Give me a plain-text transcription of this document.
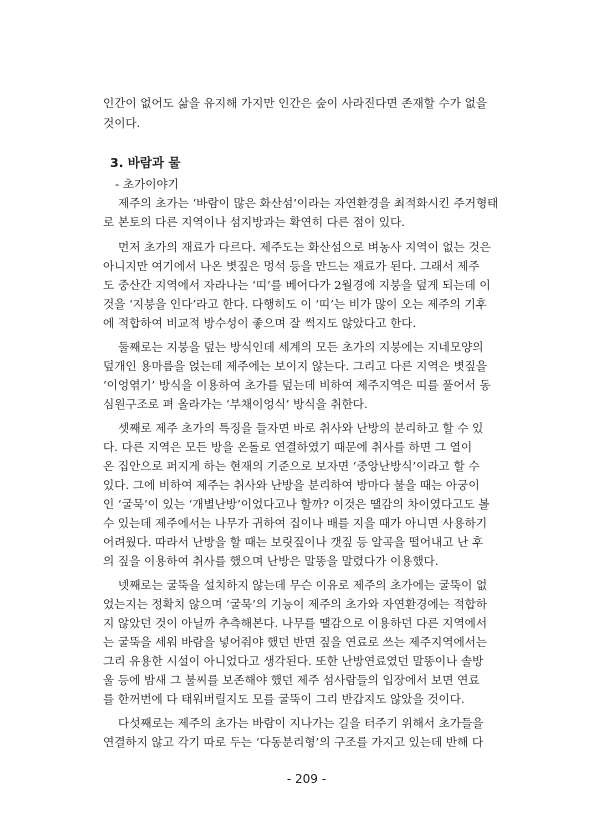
인간이 없어도 삶을 유지해 가지만 인간은 숲이 사라진다면 존재할 수가 없을
것이다.
3. 바람과 물
- 초가이야기
제주의 초가는 ‘바람이 많은 화산섬’이라는 자연환경을 최적화시킨 주거형태
로 본토의 다른 지역이나 섬지방과는 확연히 다른 점이 있다.
먼저 초가의 재료가 다르다. 제주도는 화산섬으로 벼농사 지역이 없는 것은
아니지만 여기에서 나온 볏짚은 멍석 등을 만드는 재료가 된다. 그래서 제주
도 중산간 지역에서 자라나는 ‘띠’를 베어다가 2월경에 지붕을 덮게 되는데 이
것을 ‘지붕을 인다’라고 한다. 다행히도 이 ‘띠’는 비가 많이 오는 제주의 기후
에 적합하여 비교적 방수성이 좋으며 잘 썩지도 않았다고 한다.
둘째로는 지붕을 덮는 방식인데 세계의 모든 초가의 지붕에는 지네모양의
덮개인 용마름을 얹는데 제주에는 보이지 않는다. 그리고 다른 지역은 볏짚을
‘이엉엮기’ 방식을 이용하여 초가를 덮는데 비하여 제주지역은 띠를 풀어서 동
심원구조로 펴 올라가는 ‘부채이엉식’ 방식을 취한다.
셋째로 제주 초가의 특징을 들자면 바로 취사와 난방의 분리하고 할 수 있
다. 다른 지역은 모든 방을 온돌로 연결하였기 때문에 취사를 하면 그 열이
온 집안으로 퍼지게 하는 현재의 기준으로 보자면 ‘중앙난방식’이라고 할 수
있다. 그에 비하여 제주는 취사와 난방을 분리하여 방마다 불을 때는 아궁이
인 ‘굴묵’이 있는 ‘개별난방’이었다고나 할까? 이것은 땔감의 차이였다고도 볼
수 있는데 제주에서는 나무가 귀하여 집이나 배를 지을 때가 아니면 사용하기
어려웠다. 따라서 난방을 할 때는 보릿짚이나 갯짚 등 알곡을 떨어내고 난 후
의 짚을 이용하여 취사를 했으며 난방은 말똥을 말렸다가 이용했다.
넷째로는 굴뚝을 설치하지 않는데 무슨 이유로 제주의 초가에는 굴뚝이 없
었는지는 정확치 않으며 ‘굴묵’의 기능이 제주의 초가와 자연환경에는 적합하
지 않았던 것이 아닐까 추측해본다. 나무를 땔감으로 이용하던 다른 지역에서
는 굴뚝을 세워 바람을 넣어줘야 했던 반면 짚을 연료로 쓰는 제주지역에서는
그리 유용한 시설이 아니었다고 생각된다. 또한 난방연료였던 말똥이나 솔방
울 등에 밤새 그 불씨를 보존해야 했던 제주 섬사람들의 입장에서 보면 연료
를 한꺼번에 다 태워버릴지도 모를 굴뚝이 그리 반갑지도 않았을 것이다.
다섯째로는 제주의 초가는 바람이 지나가는 길을 터주기 위해서 초가들을
연결하지 않고 각기 따로 두는 ‘다동분리형’의 구조를 가지고 있는데 반해 다
- 209 -
